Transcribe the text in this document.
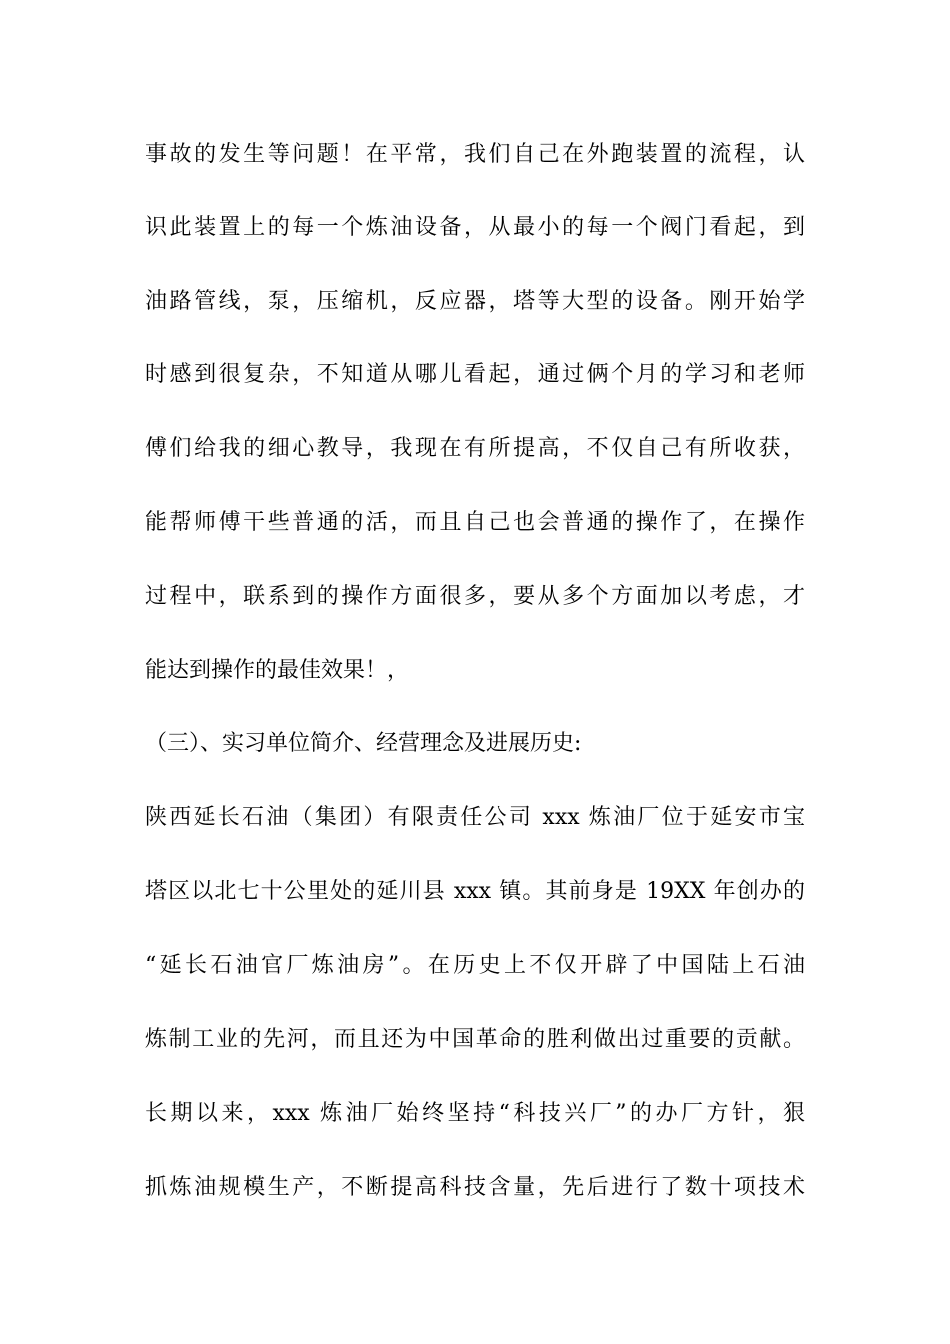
事故的发生等问题！在平常，我们自己在外跑装置的流程，认
识此装置上的每一个炼油设备，从最小的每一个阀门看起，到
油路管线，泵，压缩机，反应器，塔等大型的设备。刚开始学
时感到很复杂，不知道从哪儿看起，通过俩个月的学习和老师
傅们给我的细心教导，我现在有所提高，不仅自己有所收获，
能帮师傅干些普通的活，而且自己也会普通的操作了，在操作
过程中，联系到的操作方面很多，要从多个方面加以考虑，才
能达到操作的最佳效果！，
（三）、实习单位简介、经营理念及进展历史:
陕西延长石油（集团）有限责任公司 xxx 炼油厂位于延安市宝
塔区以北七十公里处的延川县 xxx 镇。其前身是 19XX 年创办的
“延长石油官厂炼油房”。在历史上不仅开辟了中国陆上石油
炼制工业的先河，而且还为中国革命的胜利做出过重要的贡献。
长期以来，xxx 炼油厂始终坚持“科技兴厂”的办厂方针，狠
抓炼油规模生产，不断提高科技含量，先后进行了数十项技术
